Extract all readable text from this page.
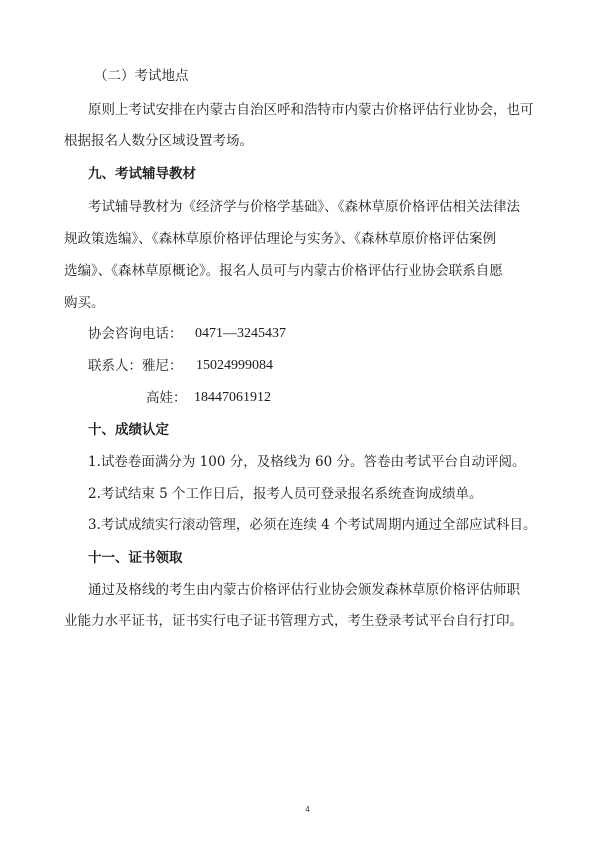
（二）考试地点
原则上考试安排在内蒙古自治区呼和浩特市内蒙古价格评估行业协会，也可
根据报名人数分区域设置考场。
九、考试辅导教材
考试辅导教材为《经济学与价格学基础》、《森林草原价格评估相关法律法
规政策选编》、《森林草原价格评估理论与实务》、《森林草原价格评估案例
选编》、《森林草原概论》。报名人员可与内蒙古价格评估行业协会联系自愿
购买。
协会咨询电话： 0471—3245437
联系人：雅尼： 15024999084
高娃： 18447061912
十、成绩认定
1.试卷卷面满分为 100 分，及格线为 60 分。答卷由考试平台自动评阅。
2.考试结束 5 个工作日后，报考人员可登录报名系统查询成绩单。
3.考试成绩实行滚动管理，必须在连续 4 个考试周期内通过全部应试科目。
十一、证书领取
通过及格线的考生由内蒙古价格评估行业协会颁发森林草原价格评估师职
业能力水平证书，证书实行电子证书管理方式，考生登录考试平台自行打印。
4
